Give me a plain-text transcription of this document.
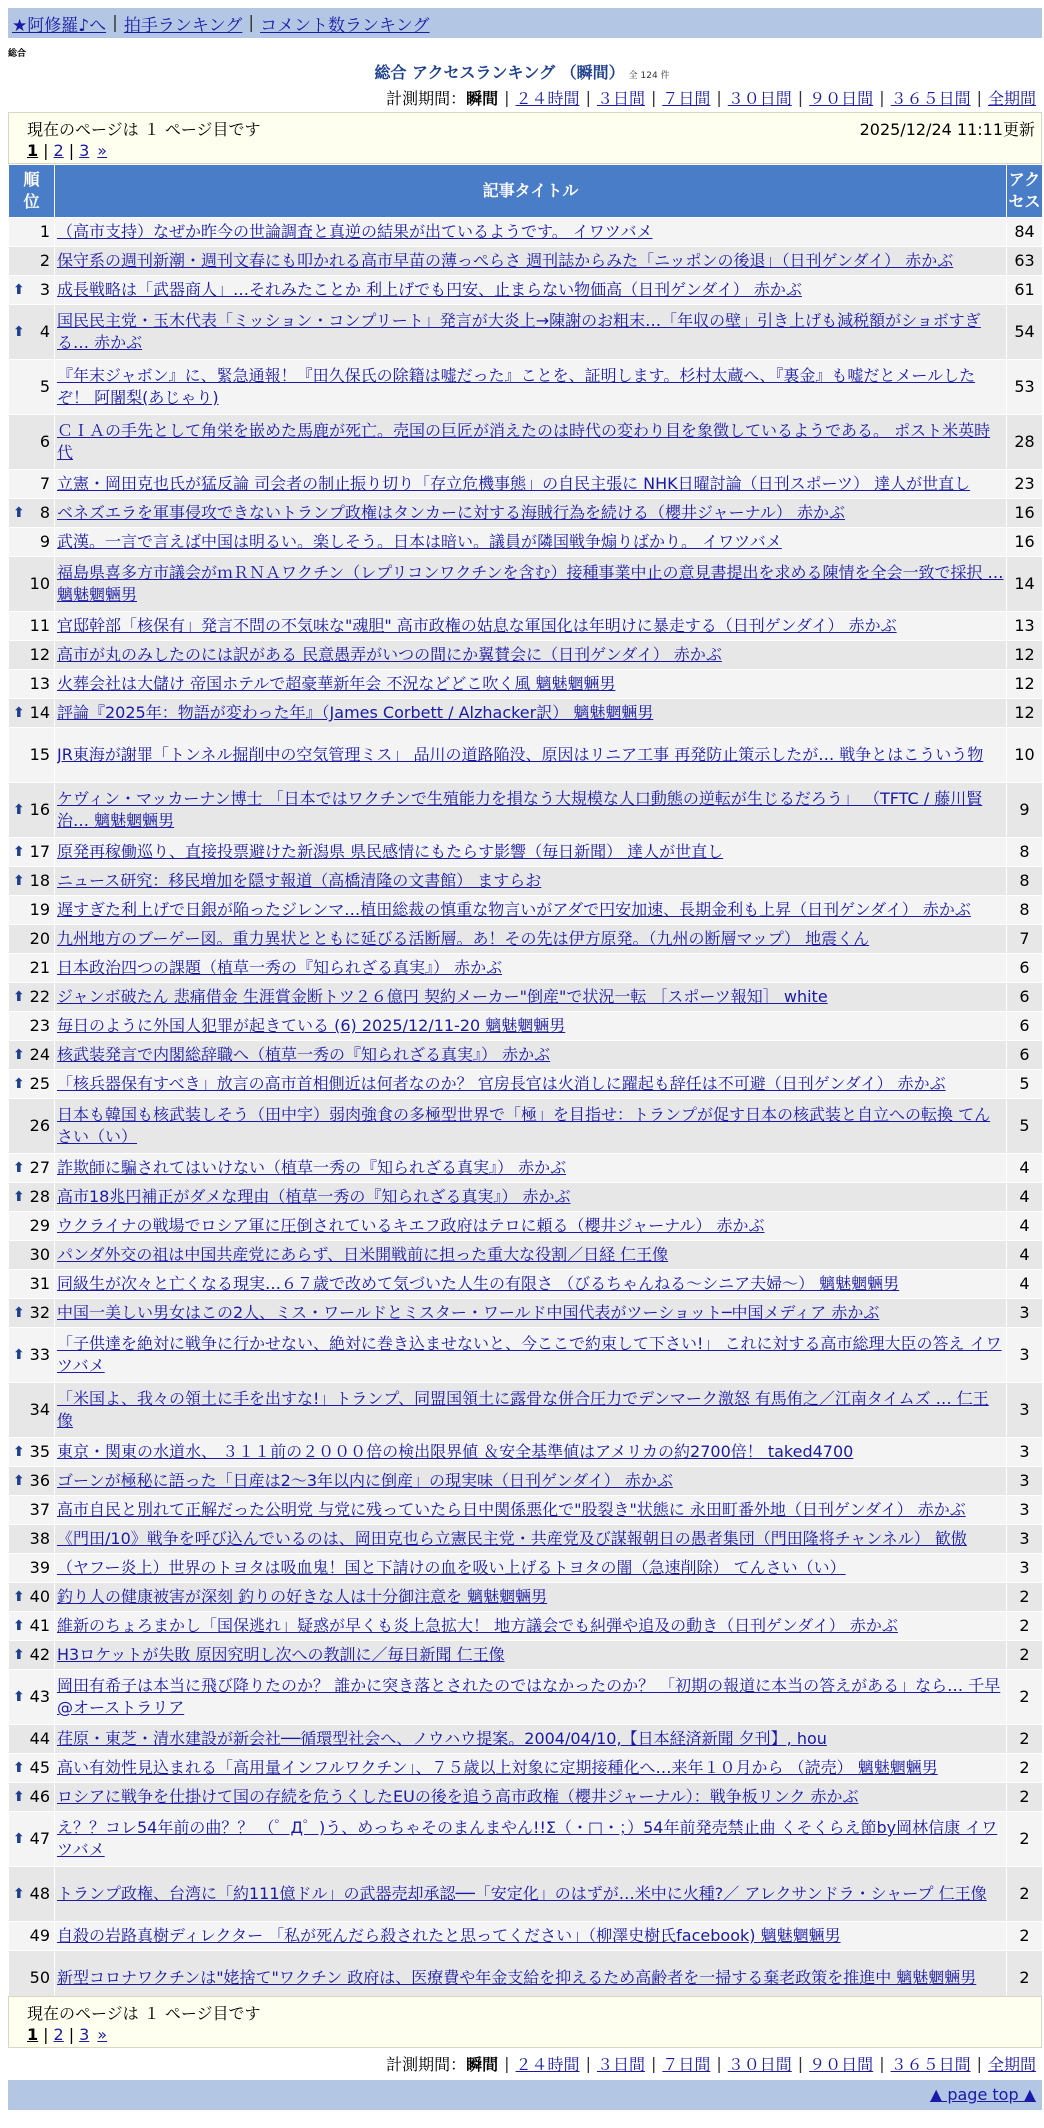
★阿修羅♪へ | 拍手ランキング | コメント数ランキング
総合
総合 アクセスランキング （瞬間） 全 124 件
計測期間： 瞬間 | ２４時間 | ３日間 | ７日間 | ３０日間 | ９０日間 | ３６５日間 | 全期間
現在のページは １ ページ目です	2025/12/24 11:11更新
1 | 2 | 3 »
順
位	記事タイトル	アク
セス
1	（高市支持）なぜか昨今の世論調査と真逆の結果が出ているようです。 イワツバメ	84
2	保守系の週刊新潮・週刊文春にも叩かれる高市早苗の薄っぺらさ 週刊誌からみた「ニッポンの後退」（日刊ゲンダイ） 赤かぶ	63

⬆ 3	成長戦略は「武器商人」…それみたことか 利上げでも円安、止まらない物価高（日刊ゲンダイ） 赤かぶ	61

⬆ 4	国民民主党・玉木代表「ミッション・コンプリート」発言が大炎上→陳謝のお粗末…「年収の壁」引き上げも減税額がショボすぎる… 赤かぶ	54
5	『年末ジャボン』に、緊急通報！『田久保氏の除籍は嘘だった』ことを、証明します。杉村太蔵へ、『裏金』も嘘だとメールしたぞ！ 阿闍梨(あじゃり)	53
6	ＣＩＡの手先として角栄を嵌めた馬鹿が死亡。売国の巨匠が消えたのは時代の変わり目を象徴しているようである。 ポスト米英時代	28
7	立憲・岡田克也氏が猛反論 司会者の制止振り切り「存立危機事態」の自民主張に NHK日曜討論（日刊スポーツ） 達人が世直し	23

⬆ 8	ベネズエラを軍事侵攻できないトランプ政権はタンカーに対する海賊行為を続ける（櫻井ジャーナル） 赤かぶ	16
9	武漢。一言で言えば中国は明るい。楽しそう。日本は暗い。議員が隣国戦争煽りばかり。 イワツバメ	16
10	福島県喜多方市議会がｍＲＮＡワクチン（レプリコンワクチンを含む）接種事業中止の意見書提出を求める陳情を全会一致で採択 … 魑魅魍魎男	14
11	官邸幹部「核保有」発言不問の不気味な"魂胆" 高市政権の姑息な軍国化は年明けに暴走する（日刊ゲンダイ） 赤かぶ	13
12	高市が丸のみしたのには訳がある 民意愚弄がいつの間にか翼賛会に（日刊ゲンダイ） 赤かぶ	12
13	火葬会社は大儲け 帝国ホテルで超豪華新年会 不況などどこ吹く風 魑魅魍魎男	12

⬆ 14	評論『2025年：物語が変わった年』（James Corbett / Alzhacker訳） 魑魅魍魎男	12
15	JR東海が謝罪「トンネル掘削中の空気管理ミス」 品川の道路陥没、原因はリニア工事 再発防止策示したが… 戦争とはこういう物	10

⬆ 16	ケヴィン・マッカーナン博士 「日本ではワクチンで生殖能力を損なう大規模な人口動態の逆転が生じるだろう」 （TFTC / 藤川賢治… 魑魅魍魎男	9

⬆ 17	原発再稼働巡り、直接投票避けた新潟県 県民感情にもたらす影響（毎日新聞） 達人が世直し	8

⬆ 18	ニュース研究：移民増加を隠す報道（高橋清隆の文書館） ますらお	8
19	遅すぎた利上げで日銀が陥ったジレンマ…植田総裁の慎重な物言いがアダで円安加速、長期金利も上昇（日刊ゲンダイ） 赤かぶ	8
20	九州地方のブーゲー図。重力異状とともに延びる活断層。あ！その先は伊方原発。（九州の断層マップ） 地震くん	7
21	日本政治四つの課題（植草一秀の『知られざる真実』） 赤かぶ	6

⬆ 22	ジャンボ破たん 悲痛借金 生涯賞金断トツ２６億円 契約メーカー"倒産"で状況一転 ［スポーツ報知］ white	6
23	毎日のように外国人犯罪が起きている (6) 2025/12/11-20 魑魅魍魎男	6

⬆ 24	核武装発言で内閣総辞職へ（植草一秀の『知られざる真実』） 赤かぶ	6

⬆ 25	「核兵器保有すべき」放言の高市首相側近は何者なのか？ 官房長官は火消しに躍起も辞任は不可避（日刊ゲンダイ） 赤かぶ	5
26	日本も韓国も核武装しそう（田中宇）弱肉強食の多極型世界で「極」を目指せ：トランプが促す日本の核武装と自立への転換 てんさい（い）	5

⬆ 27	詐欺師に騙されてはいけない（植草一秀の『知られざる真実』） 赤かぶ	4

⬆ 28	高市18兆円補正がダメな理由（植草一秀の『知られざる真実』） 赤かぶ	4
29	ウクライナの戦場でロシア軍に圧倒されているキエフ政府はテロに頼る（櫻井ジャーナル） 赤かぶ	4
30	パンダ外交の祖は中国共産党にあらず、日米開戦前に担った重大な役割／日経 仁王像	4
31	同級生が次々と亡くなる現実…６７歳で改めて気づいた人生の有限さ （びるちゃんねる～シニア夫婦～） 魑魅魍魎男	4

⬆ 32	中国一美しい男女はこの2人、ミス・ワールドとミスター・ワールド中国代表がツーショット─中国メディア 赤かぶ	3

⬆ 33	「子供達を絶対に戦争に行かせない、絶対に巻き込ませないと、今ここで約束して下さい!」 これに対する高市総理大臣の答え イワツバメ	3
34	「米国よ、我々の領土に手を出すな!」トランプ、同盟国領土に露骨な併合圧力でデンマーク激怒 有馬侑之／江南タイムズ … 仁王像	3

⬆ 35	東京・関東の水道水、 ３１１前の２０００倍の検出限界値 ＆安全基準値はアメリカの約2700倍！ taked4700	3

⬆ 36	ゴーンが極秘に語った「日産は2～3年以内に倒産」の現実味（日刊ゲンダイ） 赤かぶ	3
37	高市自民と別れて正解だった公明党 与党に残っていたら日中関係悪化で"股裂き"状態に 永田町番外地（日刊ゲンダイ） 赤かぶ	3
38	《門田/10》戦争を呼び込んでいるのは、岡田克也ら立憲民主党・共産党及び謀報朝日の愚者集団（門田隆将チャンネル） 歓傲	3
39	（ヤフー炎上）世界のトヨタは吸血鬼！国と下請けの血を吸い上げるトヨタの闇（急速削除） てんさい（い）	3

⬆ 40	釣り人の健康被害が深刻 釣りの好きな人は十分御注意を 魑魅魍魎男	2

⬆ 41	維新のちょろまかし「国保逃れ」疑惑が早くも炎上急拡大！ 地方議会でも糾弾や追及の動き（日刊ゲンダイ） 赤かぶ	2

⬆ 42	H3ロケットが失敗 原因究明し次への教訓に／毎日新聞 仁王像	2

⬆ 43	岡田有希子は本当に飛び降りたのか？ 誰かに突き落とされたのではなかったのか？ 「初期の報道に本当の答えがある」なら… 千早@オーストラリア	2
44	荏原・東芝・清水建設が新会社──循環型社会へ、ノウハウ提案。2004/04/10,【日本経済新聞 夕刊】, hou	2

⬆ 45	高い有効性見込まれる「高用量インフルワクチン」、７５歳以上対象に定期接種化へ…来年１０月から （読売） 魑魅魍魎男	2

⬆ 46	ロシアに戦争を仕掛けて国の存続を危うくしたEUの後を追う高市政権（櫻井ジャーナル）：戦争板リンク 赤かぶ	2

⬆ 47	え？？コレ54年前の曲？？ （゜Д゜)う、めっちゃそのまんまやん!!Σ（・□・；）54年前発売禁止曲 くそくらえ節by岡林信康 イワツバメ	2

⬆ 48	トランプ政権、台湾に「約111億ドル」の武器売却承認──「安定化」のはずが…米中に火種?／ アレクサンドラ・シャープ 仁王像	2
49	自殺の岩路真樹ディレクター 「私が死んだら殺されたと思ってください」（柳澤史樹氏facebook) 魑魅魍魎男	2
50	新型コロナワクチンは"姥捨て"ワクチン 政府は、医療費や年金支給を抑えるため高齢者を一掃する棄老政策を推進中 魑魅魍魎男	2
現在のページは １ ページ目です
1 | 2 | 3 »
計測期間： 瞬間 | ２４時間 | ３日間 | ７日間 | ３０日間 | ９０日間 | ３６５日間 | 全期間
▲ page top ▲
